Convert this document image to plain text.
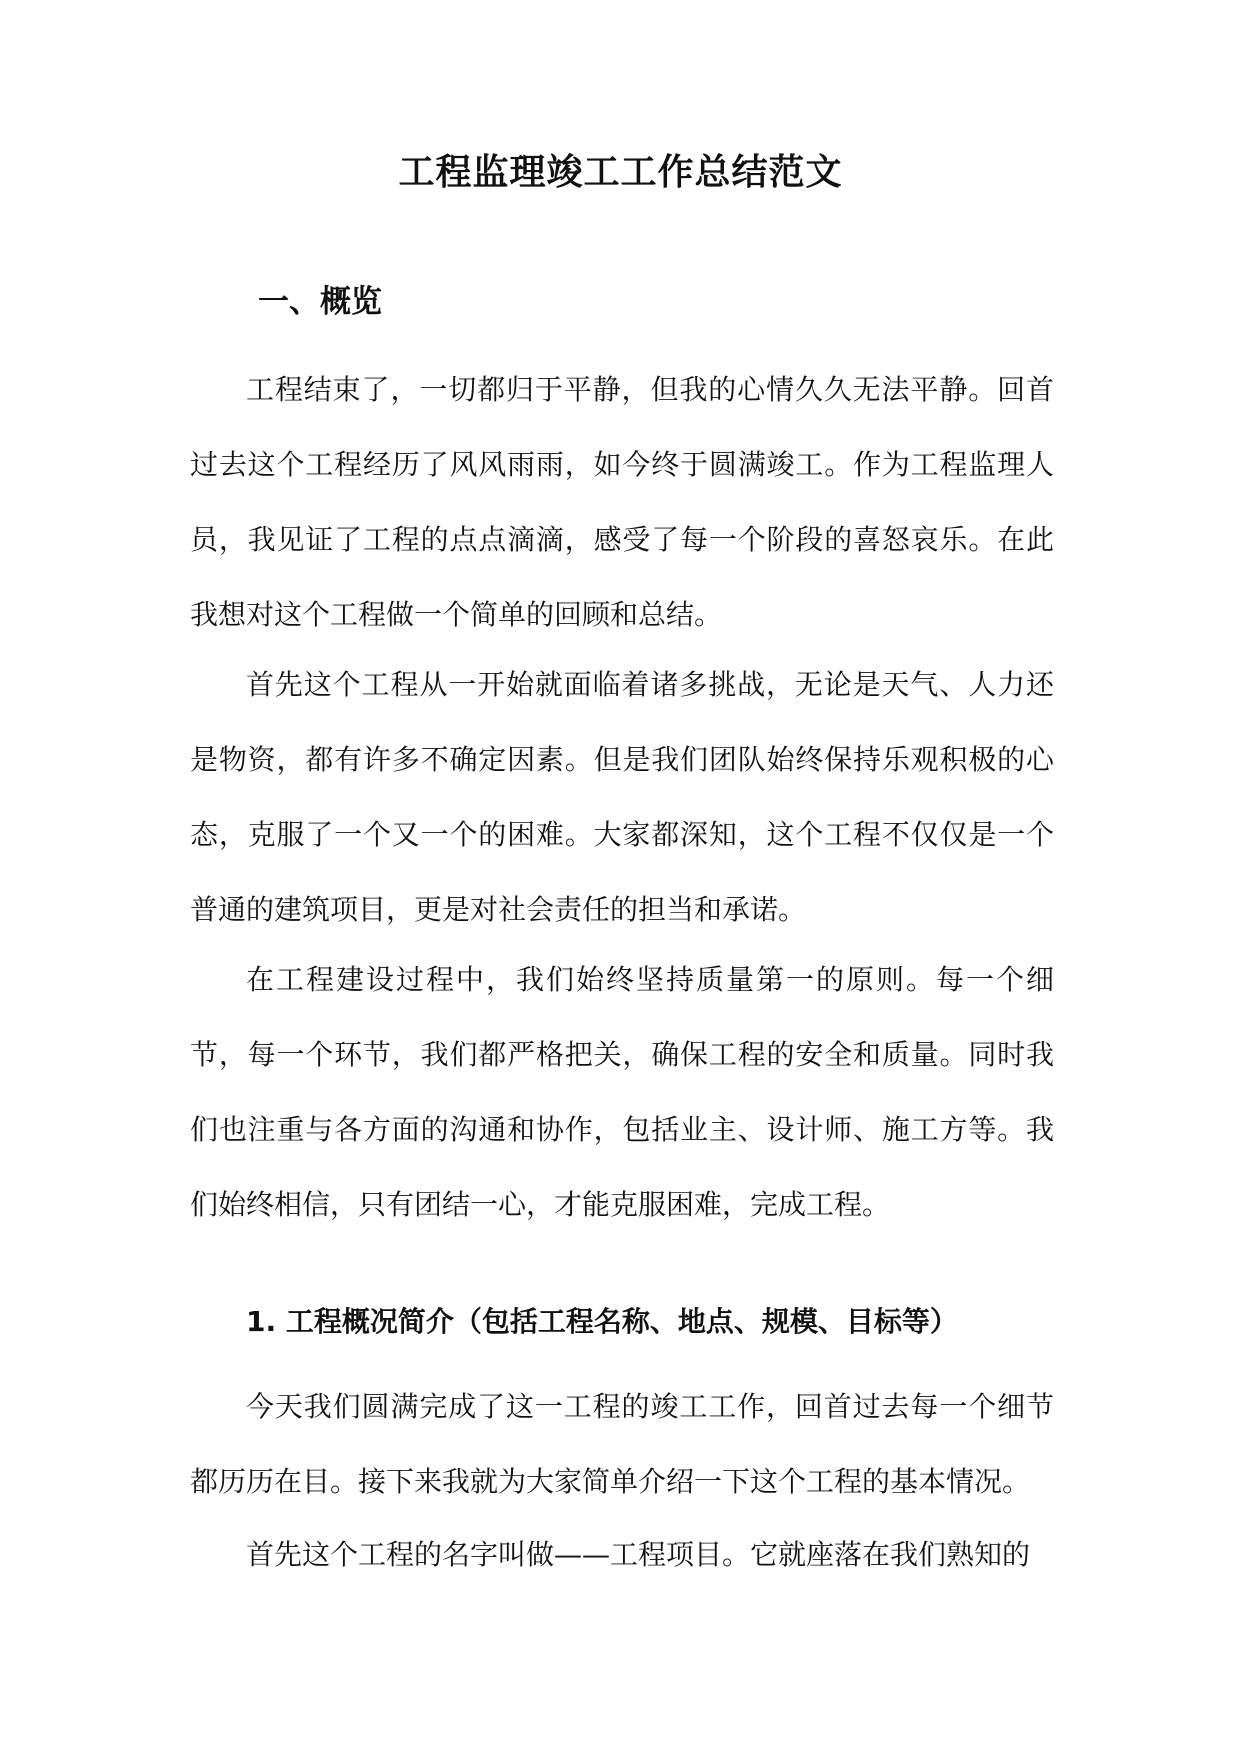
工程监理竣工工作总结范文
一、概览

工程结束了，一切都归于平静，但我的心情久久无法平静。回首过去这个工程经历了风风雨雨，如今终于圆满竣工。作为工程监理人员，我见证了工程的点点滴滴，感受了每一个阶段的喜怒哀乐。在此我想对这个工程做一个简单的回顾和总结。

首先这个工程从一开始就面临着诸多挑战，无论是天气、人力还是物资，都有许多不确定因素。但是我们团队始终保持乐观积极的心态，克服了一个又一个的困难。大家都深知，这个工程不仅仅是一个普通的建筑项目，更是对社会责任的担当和承诺。

在工程建设过程中，我们始终坚持质量第一的原则。每一个细节，每一个环节，我们都严格把关，确保工程的安全和质量。同时我们也注重与各方面的沟通和协作，包括业主、设计师、施工方等。我们始终相信，只有团结一心，才能克服困难，完成工程。

1. 工程概况简介（包括工程名称、地点、规模、目标等）

今天我们圆满完成了这一工程的竣工工作，回首过去每一个细节都历历在目。接下来我就为大家简单介绍一下这个工程的基本情况。

首先这个工程的名字叫做——工程项目。它就座落在我们熟知的
